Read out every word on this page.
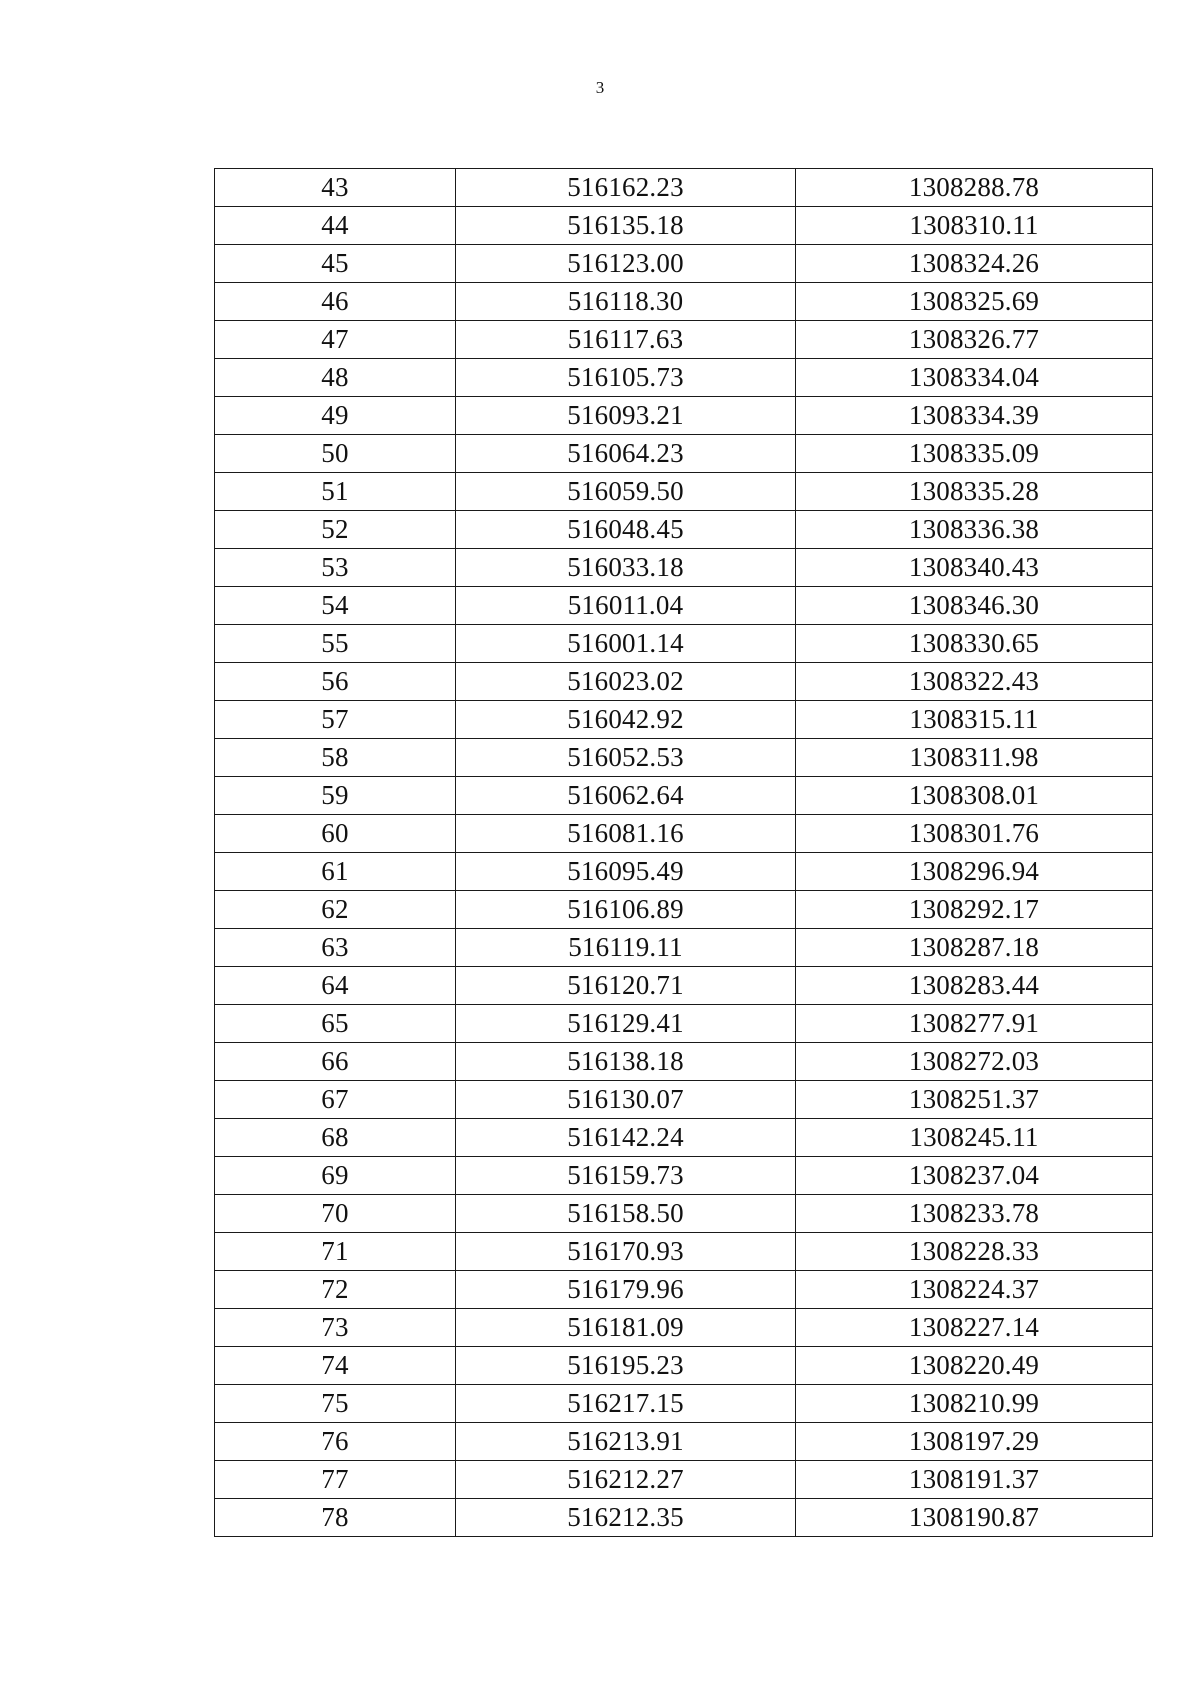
3
43	516162.23	1308288.78
44	516135.18	1308310.11
45	516123.00	1308324.26
46	516118.30	1308325.69
47	516117.63	1308326.77
48	516105.73	1308334.04
49	516093.21	1308334.39
50	516064.23	1308335.09
51	516059.50	1308335.28
52	516048.45	1308336.38
53	516033.18	1308340.43
54	516011.04	1308346.30
55	516001.14	1308330.65
56	516023.02	1308322.43
57	516042.92	1308315.11
58	516052.53	1308311.98
59	516062.64	1308308.01
60	516081.16	1308301.76
61	516095.49	1308296.94
62	516106.89	1308292.17
63	516119.11	1308287.18
64	516120.71	1308283.44
65	516129.41	1308277.91
66	516138.18	1308272.03
67	516130.07	1308251.37
68	516142.24	1308245.11
69	516159.73	1308237.04
70	516158.50	1308233.78
71	516170.93	1308228.33
72	516179.96	1308224.37
73	516181.09	1308227.14
74	516195.23	1308220.49
75	516217.15	1308210.99
76	516213.91	1308197.29
77	516212.27	1308191.37
78	516212.35	1308190.87
